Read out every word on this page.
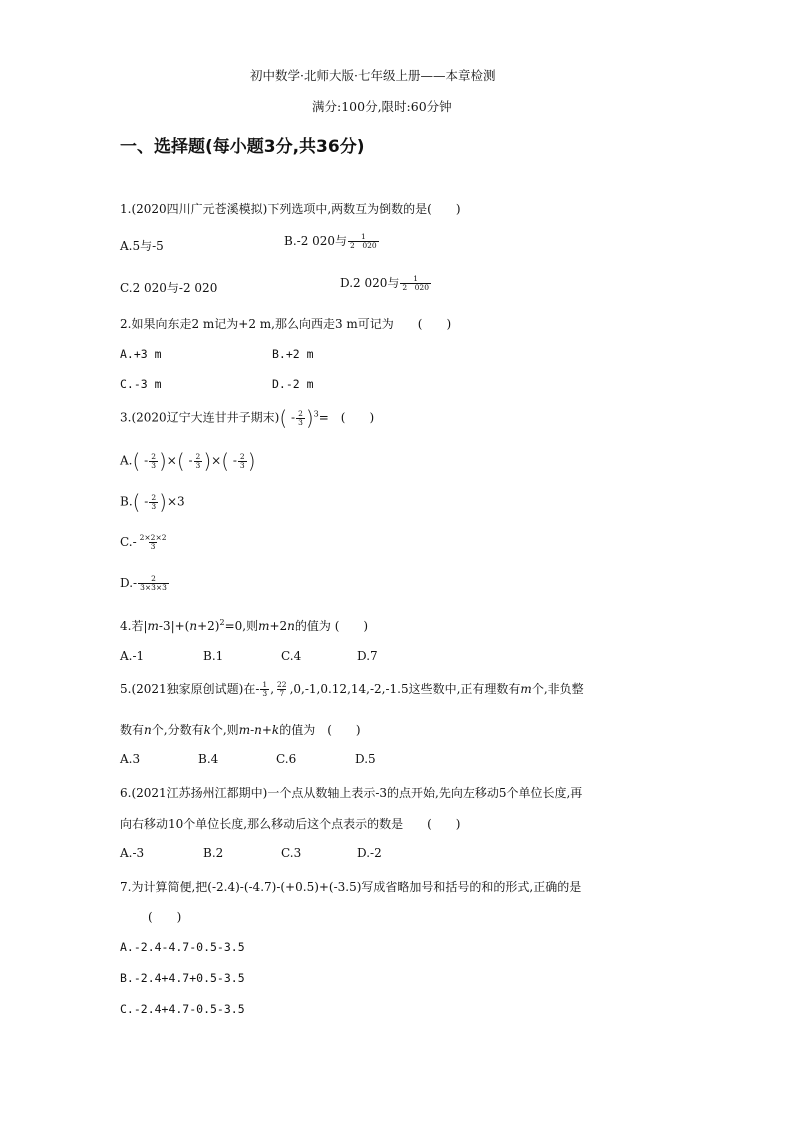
初中数学·北师大版·七年级上册——本章检测
满分:100分,限时:60分钟
一、选择题(每小题3分,共36分)
1.(2020四川广元苍溪模拟)下列选项中,两数互为倒数的是(　　)
A.5与-5	B.-2 020与 $\frac{1}{2 020}$
C.2 020与-2 020	D.2 020与 $\frac{1}{2 020}$
2.如果向东走2 m记为+2 m,那么向西走3 m可记为　　(　　)
A.+3 m	B.+2 m
C.-3 m	D.-2 m
3.(2020辽宁大连甘井子期末)( - $\frac{2}{3} )^3=$　(　　)
$A.( - \frac{2}{3}$ )×( - $\frac{2}{3}$ )×( - $\frac{2}{3}$ )
$B.( - \frac{2}{3} )\times 3$
$C.- \frac{2\times 2\times 2}{3}$
$D.- \frac{2}{3\times 3\times 3}$
4.若$|m-3|+(n+2)^2=0$,则m+2n的值为 (　　)
A.-1	B.1	C.4	D.7
5.(2021独家原创试题)在- $\frac{1}{3}$ , $\frac{22}{7} ,0,-1,0.12,14,-2,-1.5$这些数中,正有理数有m个,非负整
数有n个,分数有k个,则m-n+k的值为　(　　)
A.3	B.4	C.6	D.5
6.(2021江苏扬州江都期中)一个点从数轴上表示-3的点开始,先向左移动5个单位长度,再
向右移动10个单位长度,那么移动后这个点表示的数是　　(　　)
A.-3	B.2	C.3	D.-2
7.为计算简便,把(-2.4)-(-4.7)-(+0.5)+(-3.5)写成省略加号和括号的和的形式,正确的是
(　　)
A.-2.4-4.7-0.5-3.5
B.-2.4+4.7+0.5-3.5
C.-2.4+4.7-0.5-3.5
